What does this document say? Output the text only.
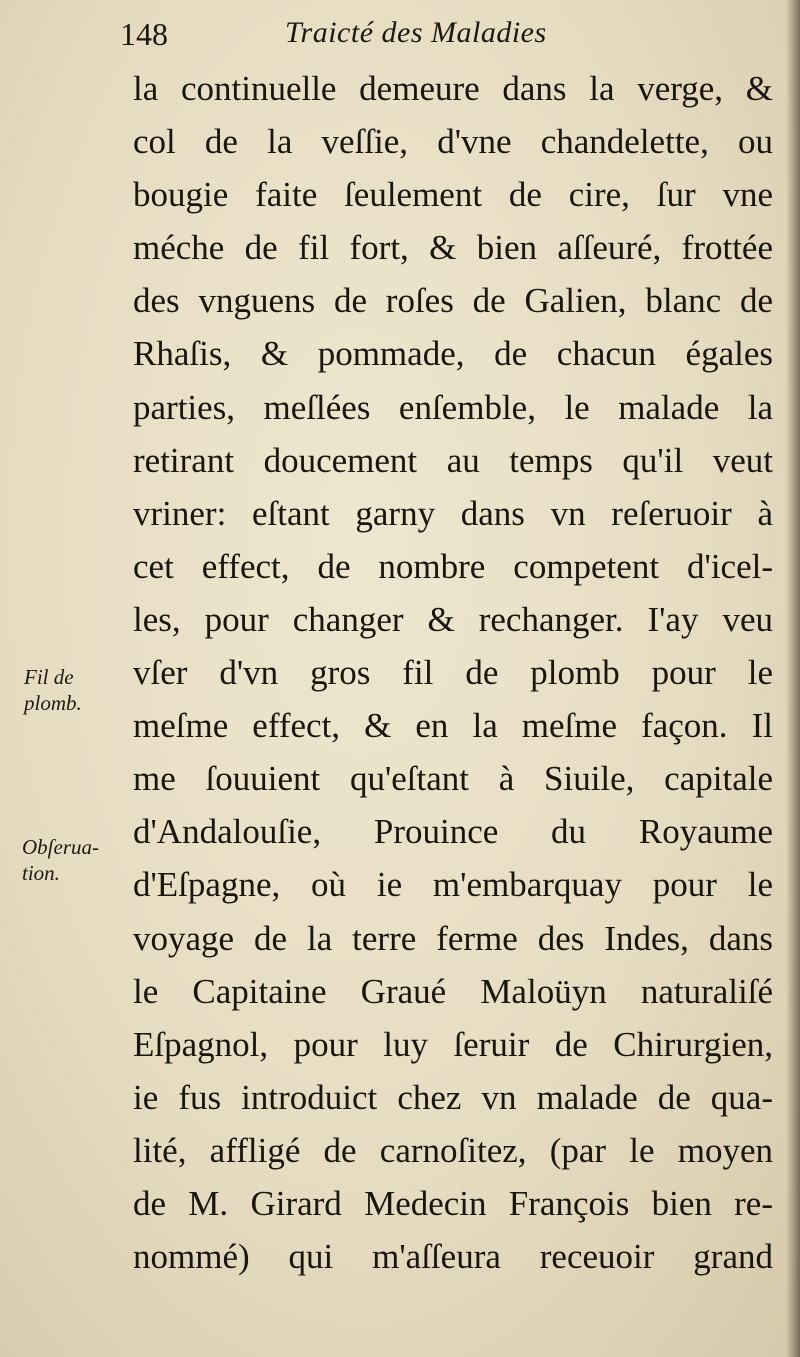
148	Traicté des Maladies
Fil de
plomb.
Obſerua-
tion.
la continuelle demeure dans la verge, &
col de la veſſie, d'vne chandelette, ou
bougie faite ſeulement de cire, ſur vne
méche de fil fort, & bien aſſeuré, frottée
des vnguens de roſes de Galien, blanc de
Rhaſis, & pommade, de chacun égales
parties, meſlées enſemble, le malade la
retirant doucement au temps qu'il veut
vriner: eſtant garny dans vn reſeruoir à
cet effect, de nombre competent d'icel-
les, pour changer & rechanger. I'ay veu
vſer d'vn gros fil de plomb pour le
meſme effect, & en la meſme façon. Il
me ſouuient qu'eſtant à Siuile, capitale
d'Andalouſie, Prouince du Royaume
d'Eſpagne, où ie m'embarquay pour le
voyage de la terre ferme des Indes, dans
le Capitaine Graué Maloüyn naturaliſé
Eſpagnol, pour luy ſeruir de Chirurgien,
ie fus introduict chez vn malade de qua-
lité, affligé de carnoſitez, (par le moyen
de M. Girard Medecin François bien re-
nommé) qui m'aſſeura receuoir grand
